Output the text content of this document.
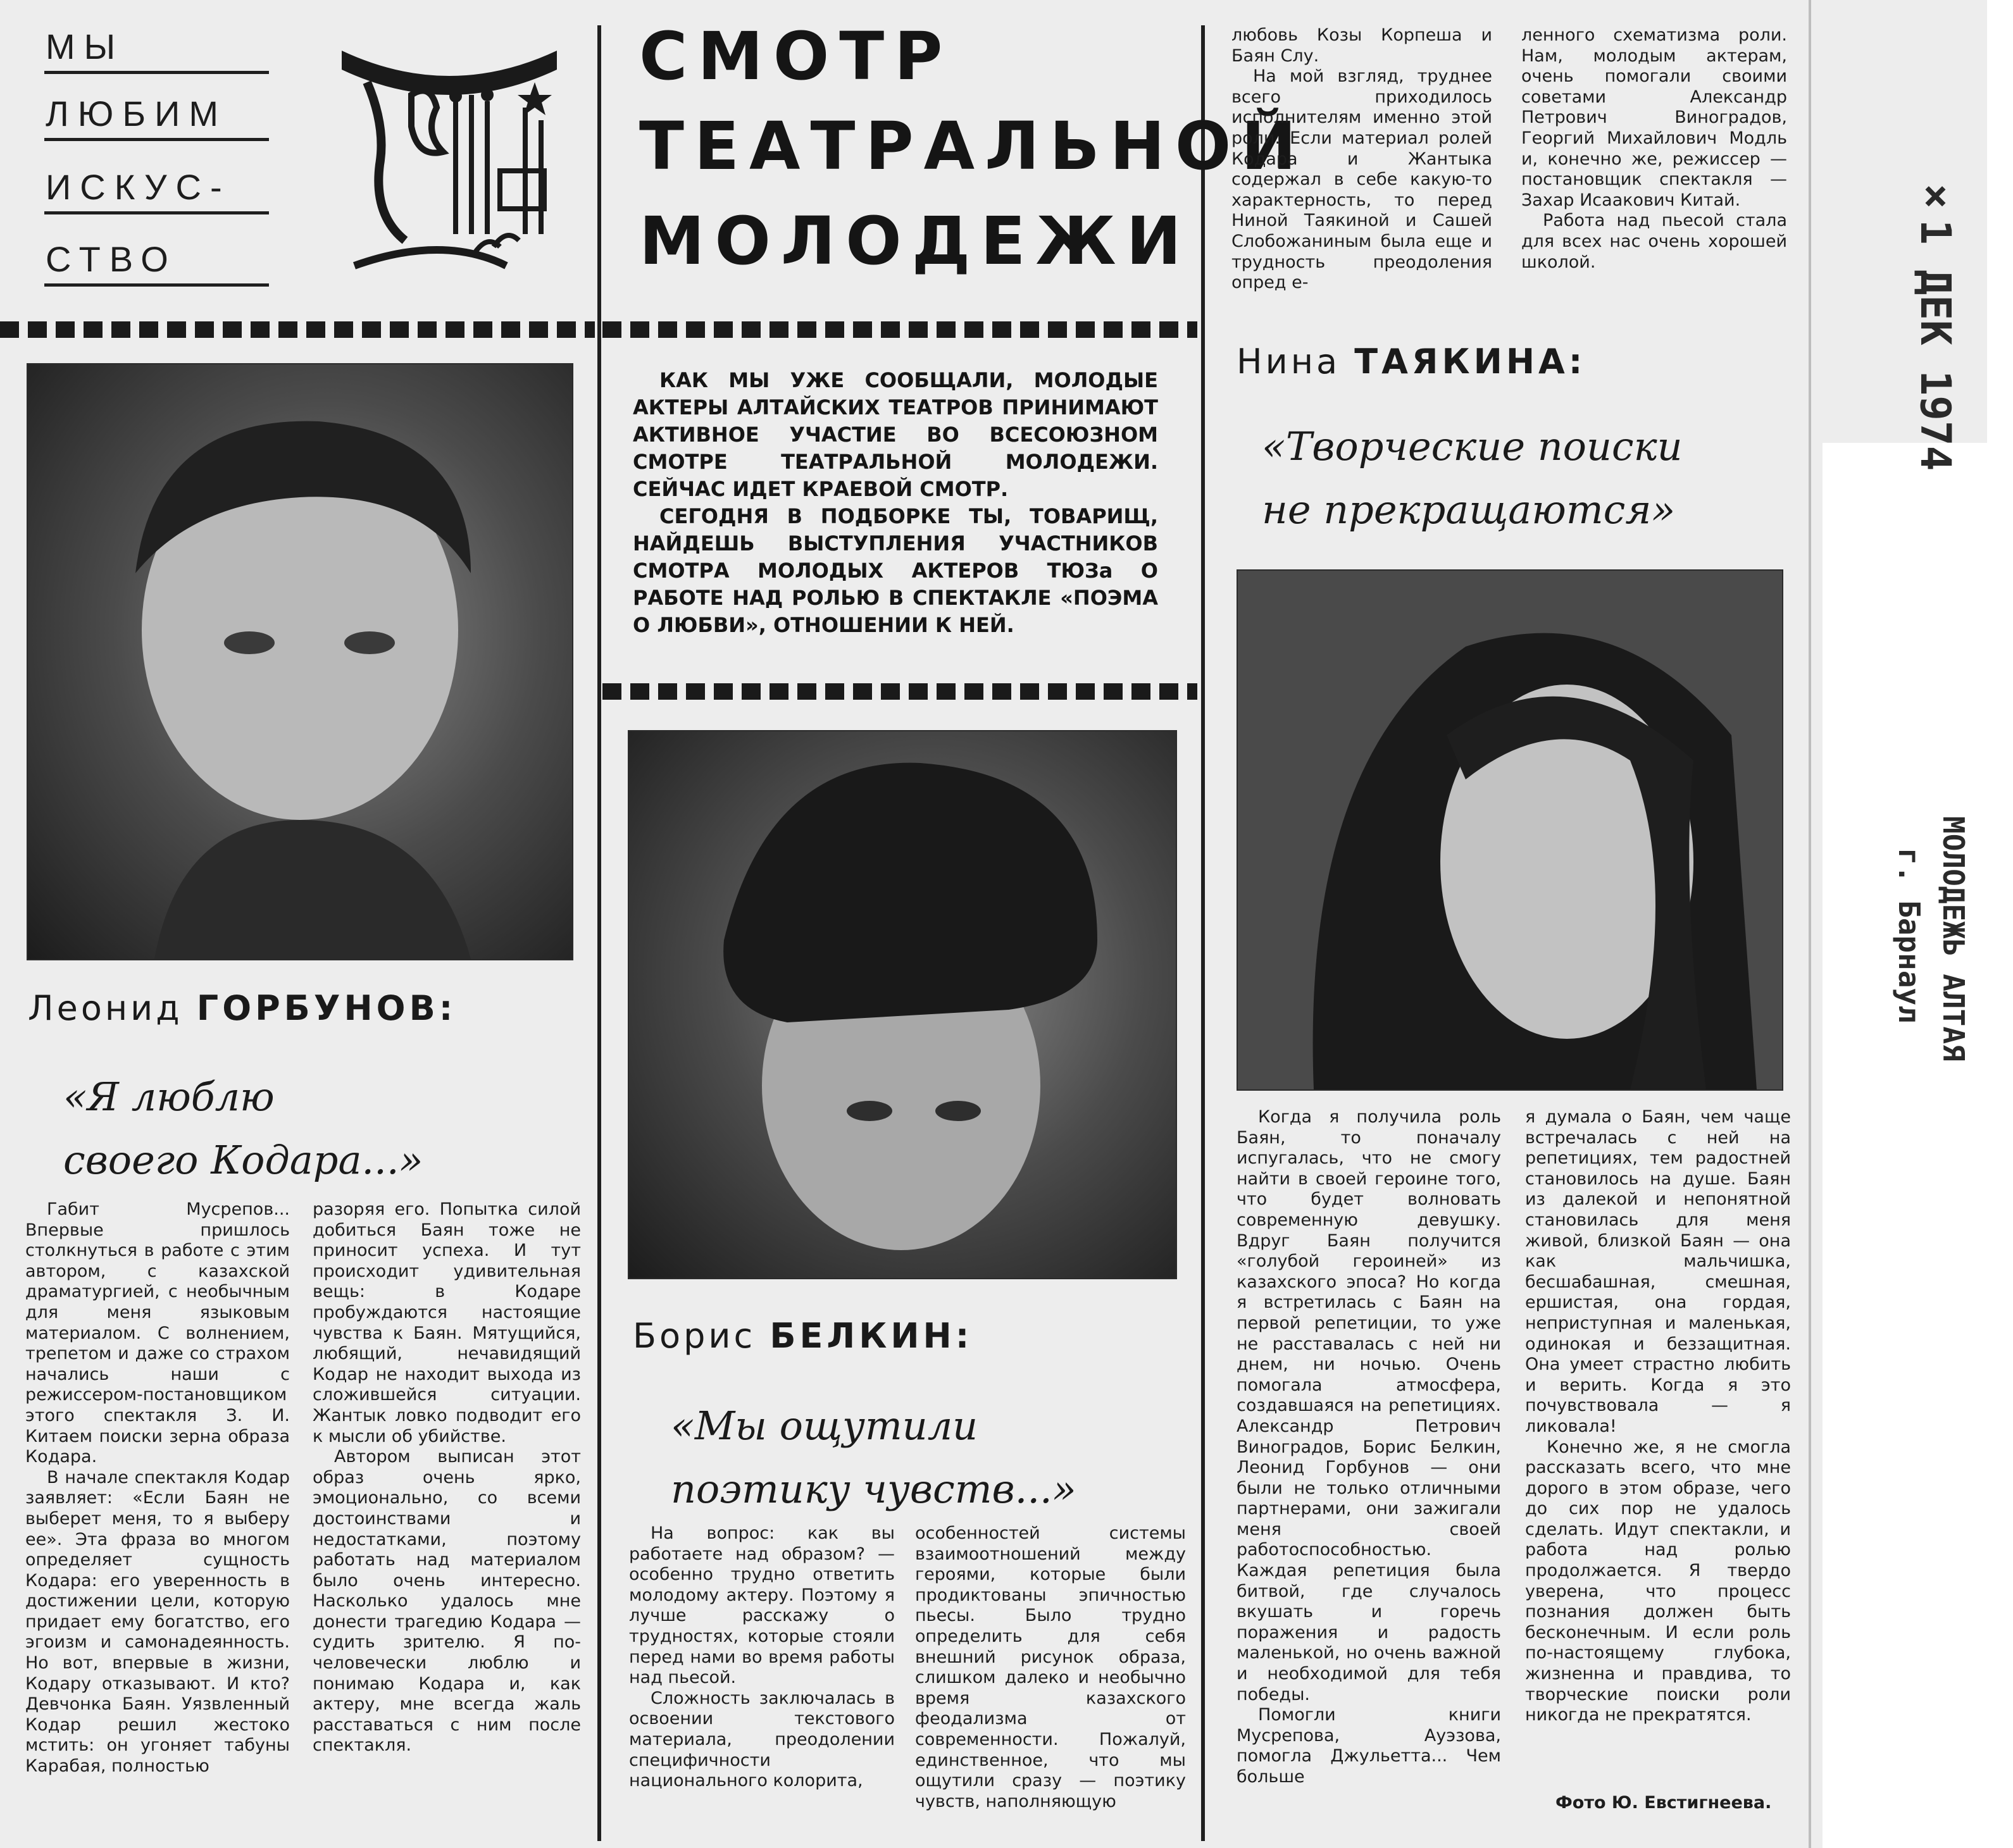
МЫ
ЛЮБИМ
ИСКУС-
СТВО
СМОТР
ТЕАТРАЛЬНОЙ
МОЛОДЕЖИ

КАК МЫ УЖЕ СООБЩАЛИ, МОЛОДЫЕ АКТЕРЫ АЛТАЙСКИХ ТЕАТРОВ ПРИНИМАЮТ АКТИВНОЕ УЧАСТИЕ ВО ВСЕСОЮЗНОМ СМОТРЕ ТЕАТРАЛЬНОЙ МОЛОДЕЖИ. СЕЙЧАС ИДЕТ КРАЕВОЙ СМОТР.

СЕГОДНЯ В ПОДБОРКЕ ТЫ, ТОВАРИЩ, НАЙДЕШЬ ВЫСТУПЛЕНИЯ УЧАСТНИКОВ СМОТРА МОЛОДЫХ АКТЕРОВ ТЮЗа О РАБОТЕ НАД РОЛЬЮ В СПЕКТАКЛЕ «ПОЭМА О ЛЮБВИ», ОТНОШЕНИИ К НЕЙ.

Леонид ГОРБУНОВ:
«Я люблю
своего Кодара...»

Габит Мусрепов... Впервые пришлось столкнуться в работе с этим автором, с казахской драматургией, с необычным для меня языковым материалом. С волнением, трепетом и даже со страхом начались наши с режиссером-постановщиком этого спектакля З. И. Китаем поиски зерна образа Кодара.

В начале спектакля Кодар заявляет: «Если Баян не выберет меня, то я выберу ее». Эта фраза во многом определяет сущность Кодара: его уверенность в достижении цели, которую придает ему богатство, его эгоизм и самонадеянность. Но вот, впервые в жизни, Кодару отказывают. И кто? Девчонка Баян. Уязвленный Кодар решил жестоко мстить: он угоняет табуны Карабая, полностью

разоряя его. Попытка силой добиться Баян тоже не приносит успеха. И тут происходит удивительная вещь: в Кодаре пробуждаются настоящие чувства к Баян. Мятущийся, любящий, нечавидящий Кодар не находит выхода из сложившейся ситуации. Жантык ловко подводит его к мысли об убийстве.

Автором выписан этот образ очень ярко, эмоционально, со всеми достоинствами и недостатками, поэтому работать над материалом было очень интересно. Насколько удалось мне донести трагедию Кодара — судить зрителю. Я по-человечески люблю и понимаю Кодара и, как актеру, мне всегда жаль расставаться с ним после спектакля.

Борис БЕЛКИН:
«Мы ощутили
поэтику чувств...»

На вопрос: как вы работаете над образом? — особенно трудно ответить молодому актеру. Поэтому я лучше расскажу о трудностях, которые стояли перед нами во время работы над пьесой.

Сложность заключалась в освоении текстового материала, преодолении специфичности национального колорита,

особенностей системы взаимоотношений между героями, которые были продиктованы эпичностью пьесы. Было трудно определить для себя внешний рисунок образа, слишком далеко и необычно время казахского феодализма от современности. Пожалуй, единственное, что мы ощутили сразу — поэтику чувств, наполняющую

любовь Козы Корпеша и Баян Слу.

На мой взгляд, труднее всего приходилось исполнителям именно этой роли. Если материал ролей Кодара и Жантыка содержал в себе какую-то характерность, то перед Ниной Таякиной и Сашей Слобожаниным была еще и трудность преодоления опред е-

ленного схематизма роли. Нам, молодым актерам, очень помогали своими советами Александр Петрович Виноградов, Георгий Михайлович Модль и, конечно же, режиссер — постановщик спектакля — Захар Исаакович Китай.

Работа над пьесой стала для всех нас очень хорошей школой.

Нина ТАЯКИНА:
«Творческие поиски
не прекращаются»

Когда я получила роль Баян, то поначалу испугалась, что не смогу найти в своей героине того, что будет волновать современную девушку. Вдруг Баян получится «голубой героиней» из казахского эпоса? Но когда я встретилась с Баян на первой репетиции, то уже не расставалась с ней ни днем, ни ночью. Очень помогала атмосфера, создавшаяся на репетициях. Александр Петрович Виноградов, Борис Белкин, Леонид Горбунов — они были не только отличными партнерами, они зажигали меня своей работоспособностью. Каждая репетиция была битвой, где случалось вкушать и горечь поражения и радость маленькой, но очень важной и необходимой для тебя победы.

Помогли книги Мусрепова, Ауэзова, помогла Джульетта... Чем больше

я думала о Баян, чем чаще встречалась с ней на репетициях, тем радостней становилось на душе. Баян из далекой и непонятной становилась для меня живой, близкой Баян — она как мальчишка, бесшабашная, смешная, ершистая, она гордая, неприступная и маленькая, одинокая и беззащитная. Она умеет страстно любить и верить. Когда я это почувствовала — я ликовала!

Конечно же, я не смогла рассказать всего, что мне дорого в этом образе, чего до сих пор не удалось сделать. Идут спектакли, и работа над ролью продолжается. Я твердо уверена, что процесс познания должен быть бесконечным. И если роль по-настоящему глубока, жизненна и правдива, то творческие поиски роли никогда не прекратятся.

Фото Ю. Евстигнеева.
×1 ДЕК 1974
МОЛОДЕЖЬ АЛТАЯ
г. Барнаул
